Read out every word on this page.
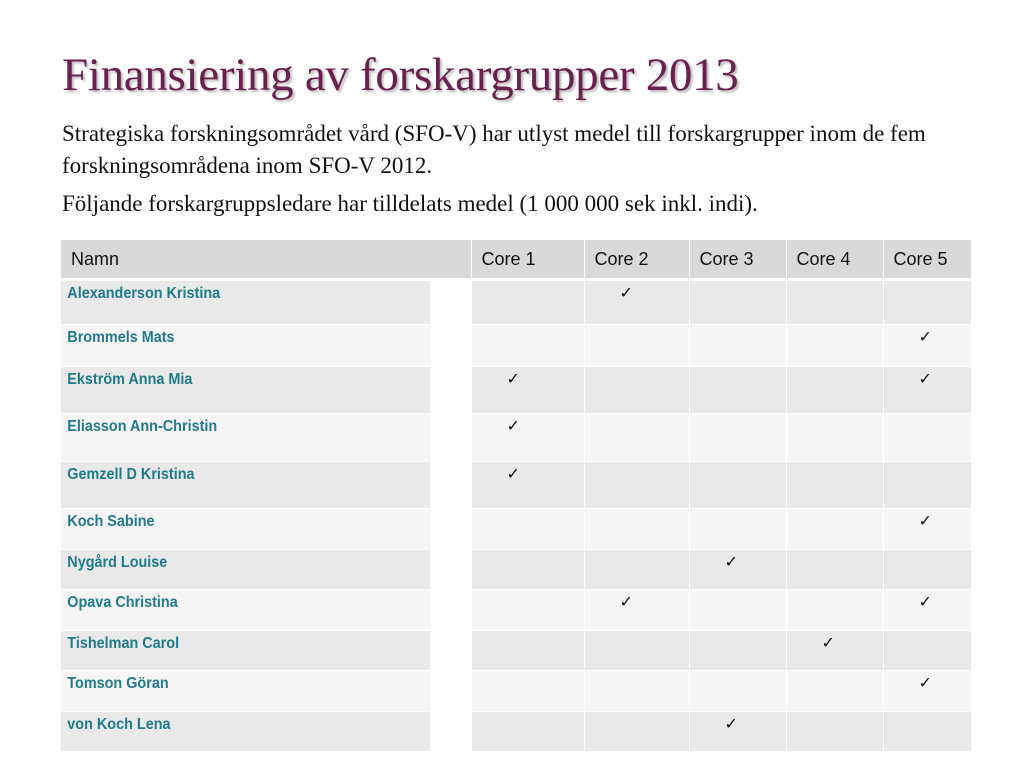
Finansiering av forskargrupper 2013

Strategiska forskningsområdet vård (SFO-V) har utlyst medel till forskargrupper inom de fem forskningsområdena inom SFO-V 2012.

Följande forskargruppsledare har tilldelats medel (1 000 000 sek inkl. indi).

Namn	Core 1	Core 2	Core 3	Core 4	Core 5
Alexanderson Kristina		✓			
Brommels Mats					✓
Ekström Anna Mia	✓				✓
Eliasson Ann-Christin	✓				
Gemzell D Kristina	✓				
Koch Sabine					✓
Nygård Louise			✓		
Opava Christina		✓			✓
Tishelman Carol				✓	
Tomson Göran					✓
von Koch Lena			✓		
